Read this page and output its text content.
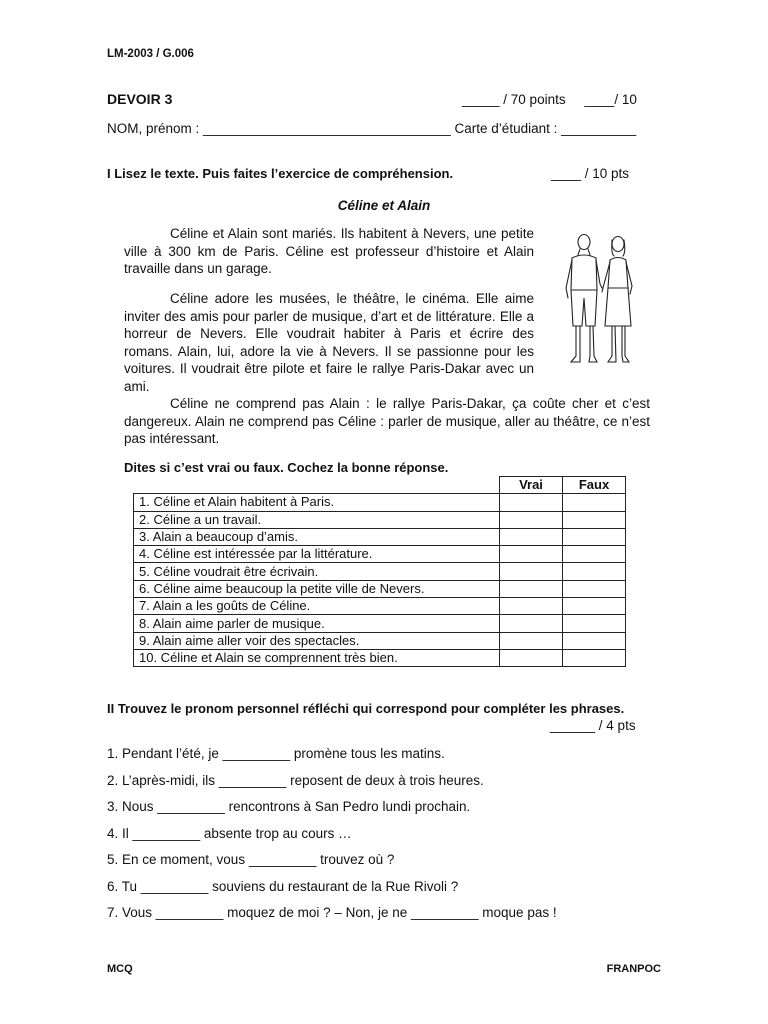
LM-2003 / G.006
DEVOIR 3	_____ / 70 points     ____/ 10
NOM, prénom : _________________________________ Carte d’étudiant : __________
I Lisez le texte. Puis faites l’exercice de compréhension.	____ / 10 pts
Céline et Alain

Céline et Alain sont mariés. Ils habitent à Nevers, une petite ville à 300 km de Paris. Céline est professeur d’histoire et Alain travaille dans un garage.

Céline adore les musées, le théâtre, le cinéma. Elle aime inviter des amis pour parler de musique, d’art et de littérature. Elle a horreur de Nevers. Elle voudrait habiter à Paris et écrire des romans. Alain, lui, adore la vie à Nevers. Il se passionne pour les voitures. Il voudrait être pilote et faire le rallye Paris-Dakar avec un ami.

Céline ne comprend pas Alain : le rallye Paris-Dakar, ça coûte cher et c’est dangereux. Alain ne comprend pas Céline : parler de musique, aller au théâtre, ce n’est pas intéressant.

Dites si c’est vrai ou faux. Cochez la bonne réponse.
	Vrai	Faux
1. Céline et Alain habitent à Paris.		
2. Céline a un travail.		
3. Alain a beaucoup d’amis.		
4. Céline est intéressée par la littérature.		
5. Céline voudrait être écrivain.		
6. Céline aime beaucoup la petite ville de Nevers.		
7. Alain a les goûts de Céline.		
8. Alain aime parler de musique.		
9. Alain aime aller voir des spectacles.		
10. Céline et Alain se comprennent très bien.		
II Trouvez le pronom personnel réfléchi qui correspond pour compléter les phrases.
______ / 4 pts
1. Pendant l’été, je _________ promène tous les matins.
2. L’après-midi, ils _________ reposent de deux à trois heures.
3. Nous _________ rencontrons à San Pedro lundi prochain.
4. Il _________ absente trop au cours …
5. En ce moment, vous _________ trouvez où ?
6. Tu _________ souviens du restaurant de la Rue Rivoli ?
7. Vous _________ moquez de moi ? – Non, je ne _________ moque pas !
MCQ	FRANPOC
